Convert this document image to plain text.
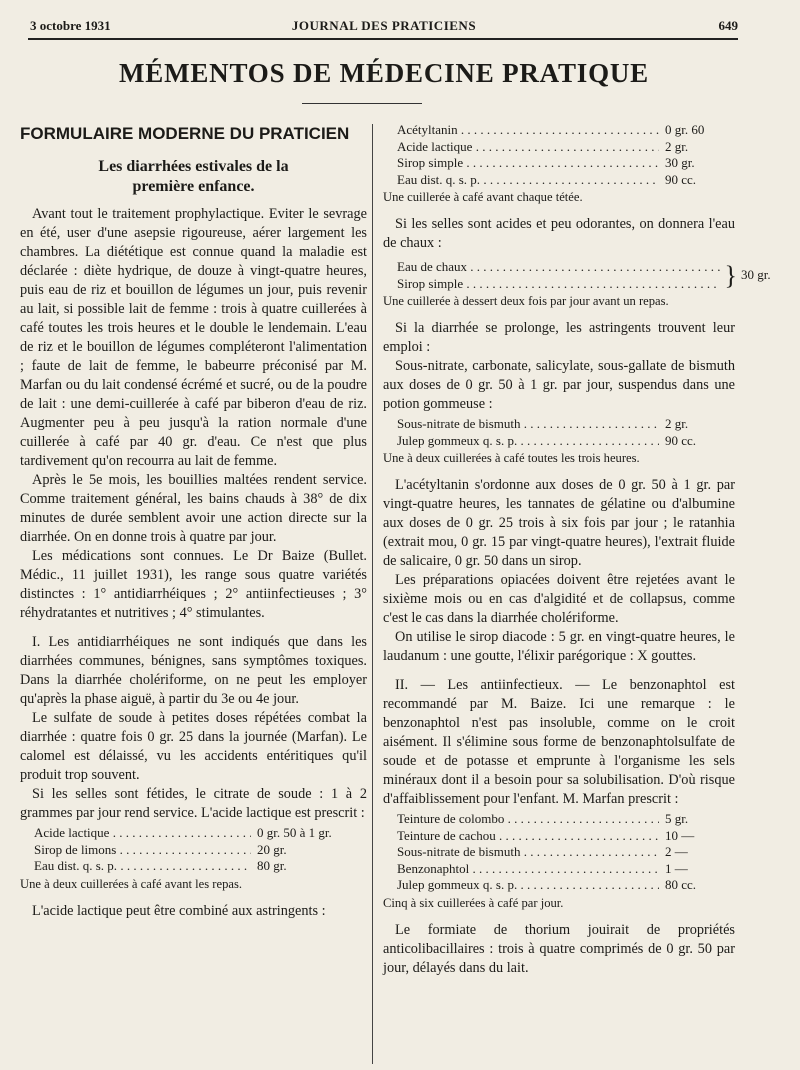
3 octobre 1931	JOURNAL DES PRATICIENS	649
MÉMENTOS DE MÉDECINE PRATIQUE
FORMULAIRE MODERNE DU PRATICIEN
Les diarrhées estivales de la
première enfance.

Avant tout le traitement prophylactique. Eviter le sevrage en été, user d'une asepsie rigoureuse, aérer largement les chambres. La diététique est connue quand la maladie est déclarée : diète hydrique, de douze à vingt-quatre heures, puis eau de riz et bouillon de légumes un jour, puis revenir au lait, si possible lait de femme : trois à quatre cuillerées à café toutes les trois heures et le double le lendemain. L'eau de riz et le bouillon de légumes compléteront l'alimentation ; faute de lait de femme, le babeurre préconisé par M. Marfan ou du lait condensé écrémé et sucré, ou de la poudre de lait : une demi-cuillerée à café par biberon d'eau de riz. Augmenter peu à peu jusqu'à la ration normale d'une cuillerée à café par 40 gr. d'eau. Ce n'est que plus tardivement qu'on recourra au lait de femme.

Après le 5e mois, les bouillies maltées rendent service. Comme traitement général, les bains chauds à 38° de dix minutes de durée semblent avoir une action directe sur la diarrhée. On en donne trois à quatre par jour.

Les médications sont connues. Le Dr Baize (Bullet. Médic., 11 juillet 1931), les range sous quatre variétés distinctes : 1° antidiarrhéiques ; 2° antiinfectieuses ; 3° réhydratantes et nutritives ; 4° stimulantes.

I. Les antidiarrhéiques ne sont indiqués que dans les diarrhées communes, bénignes, sans symptômes toxiques. Dans la diarrhée cholériforme, on ne peut les employer qu'après la phase aiguë, à partir du 3e ou 4e jour.

Le sulfate de soude à petites doses répétées combat la diarrhée : quatre fois 0 gr. 25 dans la journée (Marfan). Le calomel est délaissé, vu les accidents entéritiques qu'il produit trop souvent.

Si les selles sont fétides, le citrate de soude : 1 à 2 grammes par jour rend service. L'acide lactique est prescrit :

Acide lactique . . .	0 gr. 50 à 1 gr.
Sirop de limons . . .	20 gr.
Eau dist. q. s. p. . . .	80 gr.

Une à deux cuillerées à café avant les repas.

L'acide lactique peut être combiné aux astringents :

Acétyltanin . . .	0 gr. 60
Acide lactique . . .	2 gr.
Sirop simple . . .	30 gr.
Eau dist. q. s. p. . . .	90 cc.

Une cuillerée à café avant chaque tétée.

Si les selles sont acides et peu odorantes, on donnera l'eau de chaux :

Eau de chaux . . .
Sirop simple . . .	} 30 gr.

Une cuillerée à dessert deux fois par jour avant un repas.

Si la diarrhée se prolonge, les astringents trouvent leur emploi :

Sous-nitrate, carbonate, salicylate, sous-gallate de bismuth aux doses de 0 gr. 50 à 1 gr. par jour, suspendus dans une potion gommeuse :

Sous-nitrate de bismuth . . .	2 gr.
Julep gommeux q. s. p. . . .	90 cc.

Une à deux cuillerées à café toutes les trois heures.

L'acétyltanin s'ordonne aux doses de 0 gr. 50 à 1 gr. par vingt-quatre heures, les tannates de gélatine ou d'albumine aux doses de 0 gr. 25 trois à six fois par jour ; le ratanhia (extrait mou, 0 gr. 15 par vingt-quatre heures), l'extrait fluide de salicaire, 0 gr. 50 dans un sirop.

Les préparations opiacées doivent être rejetées avant le sixième mois ou en cas d'algidité et de collapsus, comme c'est le cas dans la diarrhée cholériforme.

On utilise le sirop diacode : 5 gr. en vingt-quatre heures, le laudanum : une goutte, l'élixir parégorique : X gouttes.

II. — Les antiinfectieux. — Le benzonaphtol est recommandé par M. Baize. Ici une remarque : le benzonaphtol n'est pas insoluble, comme on le croit aisément. Il s'élimine sous forme de benzonaphtolsulfate de soude et de potasse et emprunte à l'organisme les sels minéraux dont il a besoin pour sa solubilisation. D'où risque d'affaiblissement pour l'enfant. M. Marfan prescrit :

Teinture de colombo . . .	5 gr.
Teinture de cachou . . .	10 —
Sous-nitrate de bismuth . . .	2 —
Benzonaphtol . . .	1 —
Julep gommeux q. s. p. . . .	80 cc.

Cinq à six cuillerées à café par jour.

Le formiate de thorium jouirait de propriétés anticolibacillaires : trois à quatre comprimés de 0 gr. 50 par jour, délayés dans du lait.
